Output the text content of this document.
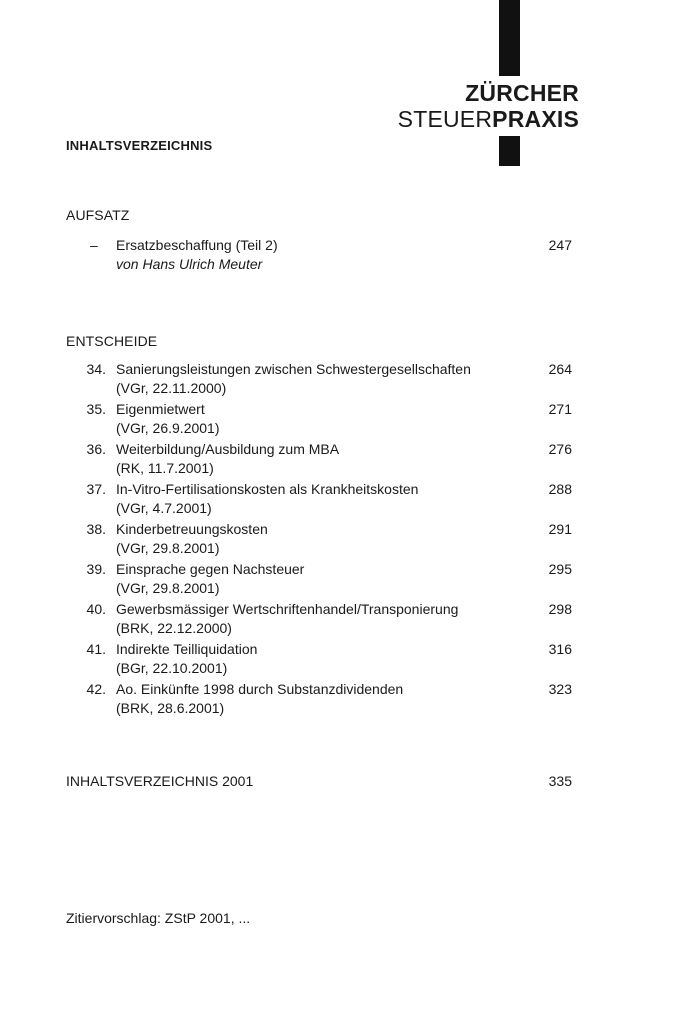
ZÜRCHER
STEUERPRAXIS
INHALTSVERZEICHNIS
AUFSATZ
– Ersatzbeschaffung (Teil 2)
von Hans Ulrich Meuter
247
ENTSCHEIDE
34. Sanierungsleistungen zwischen Schwestergesellschaften
(VGr, 22.11.2000)
264
35. Eigenmietwert
(VGr, 26.9.2001)
271
36. Weiterbildung/Ausbildung zum MBA
(RK, 11.7.2001)
276
37. In-Vitro-Fertilisationskosten als Krankheitskosten
(VGr, 4.7.2001)
288
38. Kinderbetreuungskosten
(VGr, 29.8.2001)
291
39. Einsprache gegen Nachsteuer
(VGr, 29.8.2001)
295
40. Gewerbsmässiger Wertschriftenhandel/Transponierung
(BRK, 22.12.2000)
298
41. Indirekte Teilliquidation
(BGr, 22.10.2001)
316
42. Ao. Einkünfte 1998 durch Substanzdividenden
(BRK, 28.6.2001)
323
INHALTSVERZEICHNIS 2001	335
Zitiervorschlag: ZStP 2001, ...
